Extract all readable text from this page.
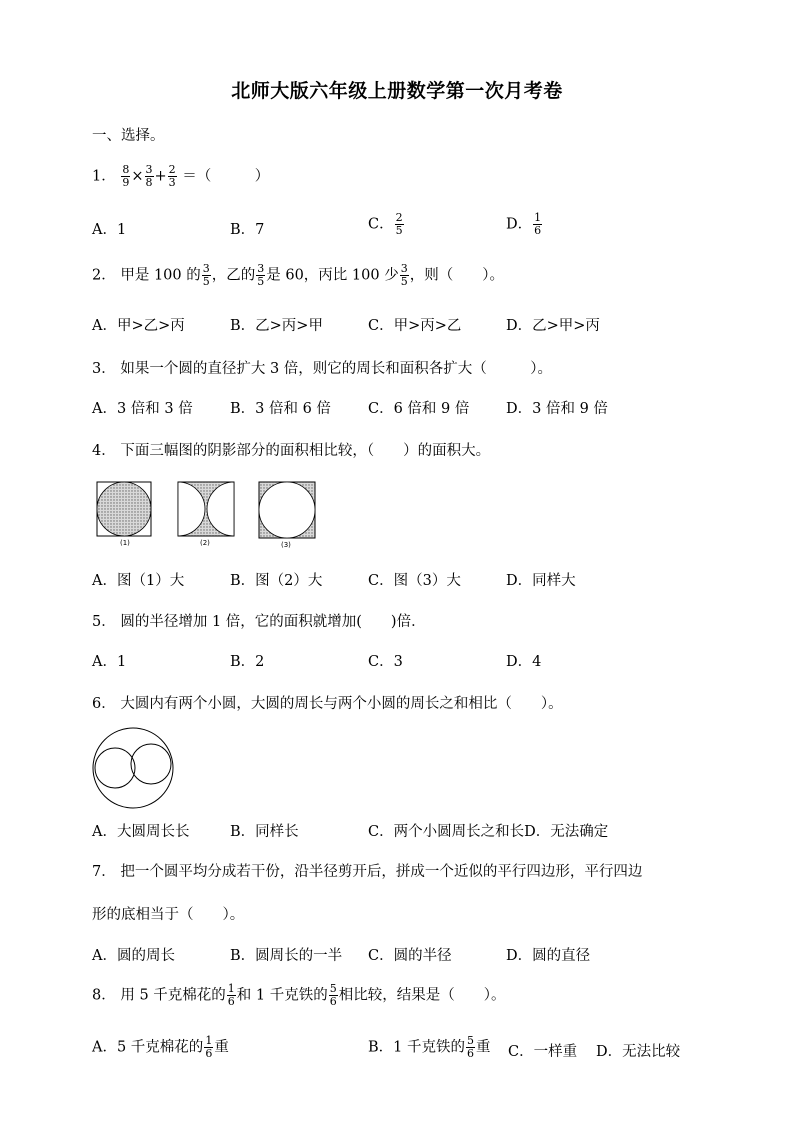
北师大版六年级上册数学第一次月考卷
一、选择。
1． $\frac{8}{9} \times \frac{3}{8} + \frac{2}{3}$ ＝（　　　）
A．1	B．7	C． $\frac{2}{5}$	D． $\frac{1}{6}$
2． 甲是 100 的 $\frac{3}{5}$ ，乙的 $\frac{3}{5}$ 是 60，丙比 100 少 $\frac{3}{5}$ ，则（　　）。
A．甲>乙>丙	B．乙>丙>甲	C．甲>丙>乙	D．乙>甲>丙
3． 如果一个圆的直径扩大 3 倍，则它的周长和面积各扩大（　　　）。
A．3 倍和 3 倍	B．3 倍和 6 倍	C．6 倍和 9 倍	D．3 倍和 9 倍
4． 下面三幅图的阴影部分的面积相比较，（　　）的面积大。
(1)	(2)	(3)
A．图（1）大	B．图（2）大	C．图（3）大	D．同样大
5． 圆的半径增加 1 倍，它的面积就增加(　　)倍．
A．1	B．2	C．3	D．4
6． 大圆内有两个小圆，大圆的周长与两个小圆的周长之和相比（　　）。
A．大圆周长长	B．同样长	C．两个小圆周长之和长D．无法确定
7． 把一个圆平均分成若干份，沿半径剪开后，拼成一个近似的平行四边形，平行四边
形的底相当于（　　）。
A．圆的周长	B．圆周长的一半 C．圆的半径	D．圆的直径
8． 用 5 千克棉花的 $\frac{1}{6}$ 和 1 千克铁的 $\frac{5}{6}$ 相比较，结果是（　　）。
A．5 千克棉花的 $\frac{1}{6}$ 重	B．1 千克铁的 $\frac{5}{6}$ 重 C．一样重 D．无法比较
